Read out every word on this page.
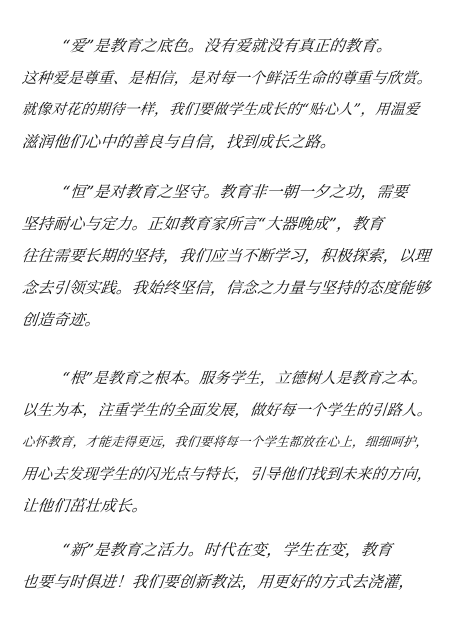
“爱”是教育之底色。没有爱就没有真正的教育。
这种爱是尊重、是相信，是对每一个鲜活生命的尊重与欣赏。
就像对花的期待一样，我们要做学生成长的“贴心人”，用温爱
滋润他们心中的善良与自信，找到成长之路。
“恒”是对教育之坚守。教育非一朝一夕之功，需要
坚持耐心与定力。正如教育家所言“大器晚成”，教育
往往需要长期的坚持，我们应当不断学习，积极探索，以理
念去引领实践。我始终坚信，信念之力量与坚持的态度能够
创造奇迹。
“根”是教育之根本。服务学生，立德树人是教育之本。
以生为本，注重学生的全面发展，做好每一个学生的引路人。
心怀教育，才能走得更远，我们要将每一个学生都放在心上，细细呵护，
用心去发现学生的闪光点与特长，引导他们找到未来的方向，
让他们茁壮成长。
“新”是教育之活力。时代在变，学生在变，教育
也要与时俱进！我们要创新教法，用更好的方式去浇灌，
